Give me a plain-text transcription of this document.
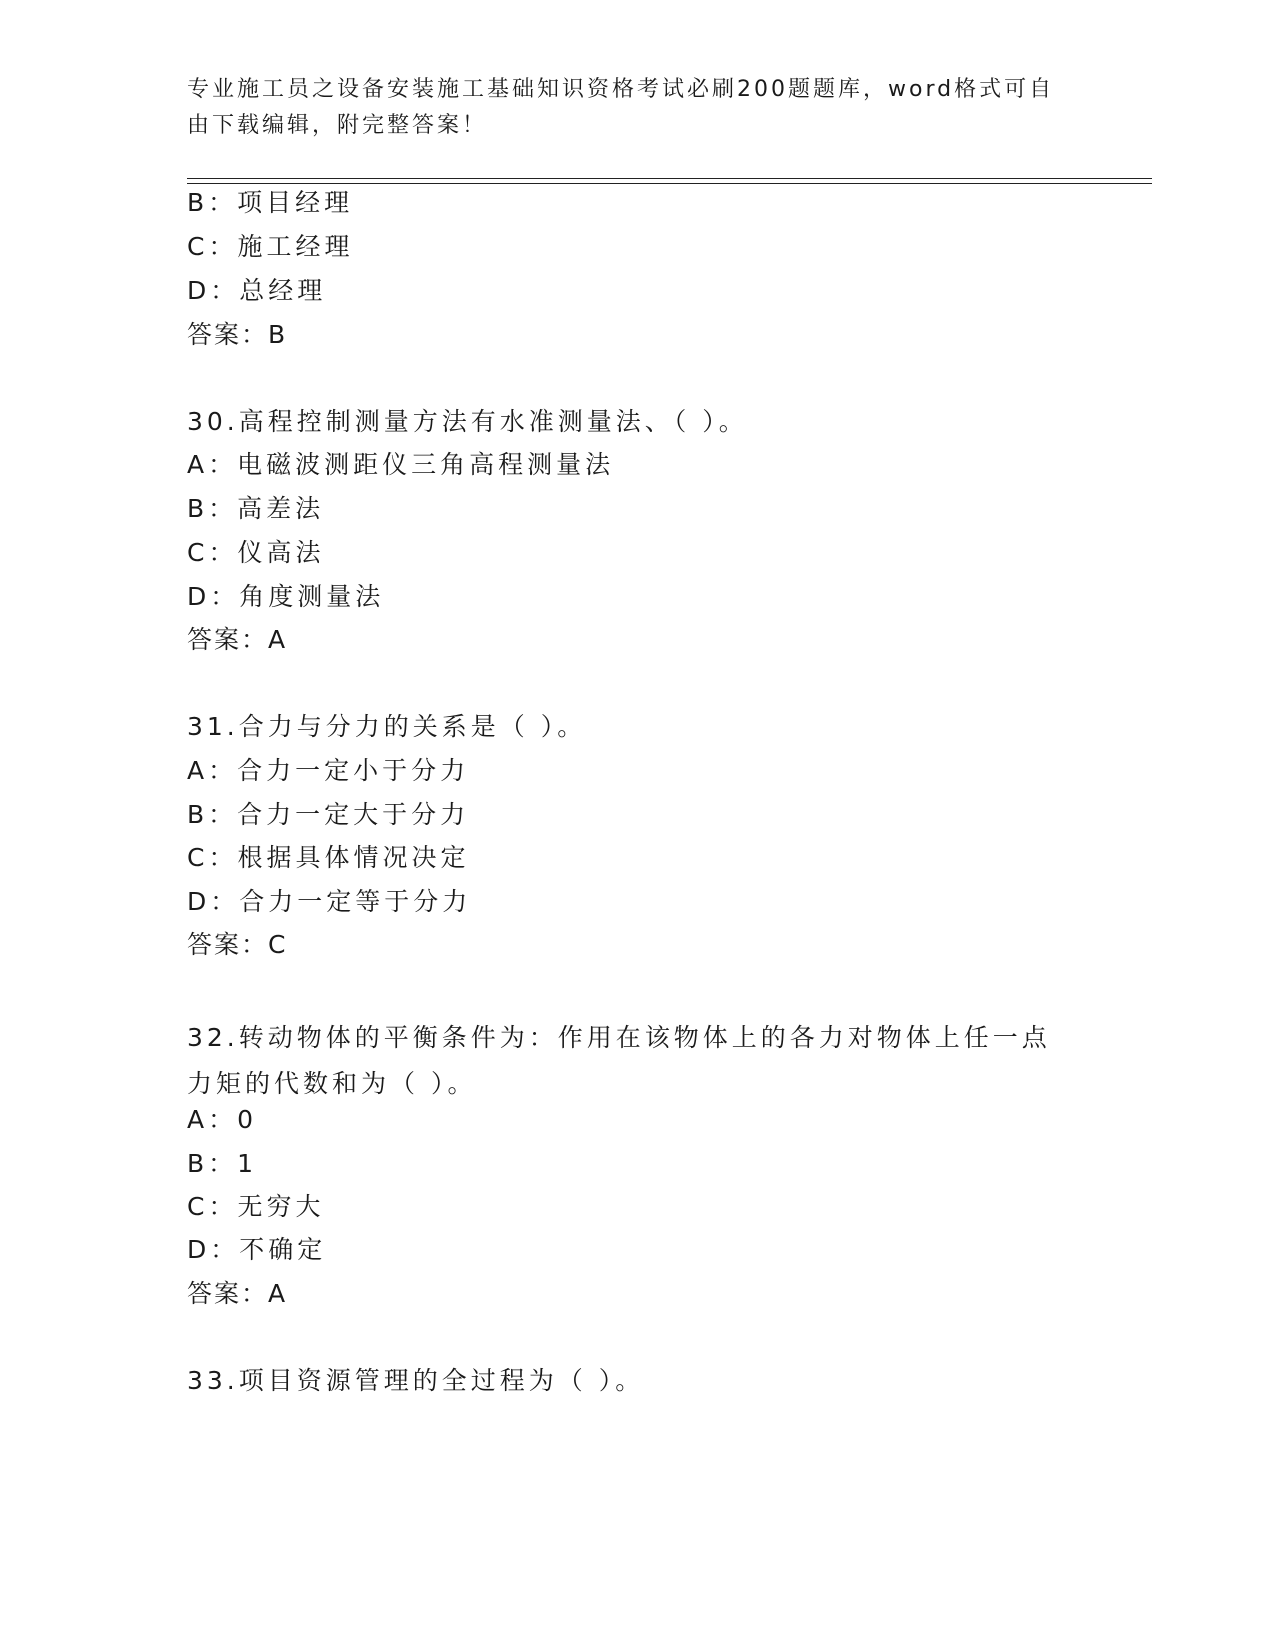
专业施工员之设备安装施工基础知识资格考试必刷200题题库，word格式可自由下载编辑，附完整答案！
B：项目经理
C：施工经理
D：总经理
答案：B
30.高程控制测量方法有水准测量法、（ ）。
A：电磁波测距仪三角高程测量法
B：高差法
C：仪高法
D：角度测量法
答案：A
31.合力与分力的关系是（ ）。
A：合力一定小于分力
B：合力一定大于分力
C：根据具体情况决定
D：合力一定等于分力
答案：C
32.转动物体的平衡条件为：作用在该物体上的各力对物体上任一点力矩的代数和为（ ）。
A：0
B：1
C：无穷大
D：不确定
答案：A
33.项目资源管理的全过程为（ ）。
